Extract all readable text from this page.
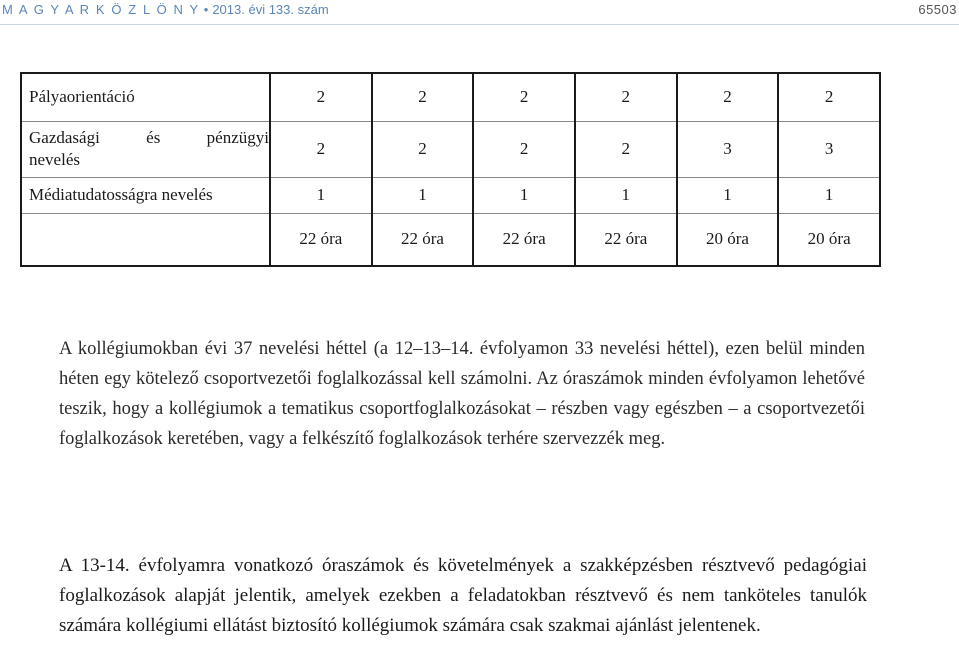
M A G Y A R K Ö Z L Ö N Y • 2013. évi 133. szám	65503
Pályaorientáció	2	2	2	2	2	2
Gazdasági és pénzügyi
nevelés	2	2	2	2	3	3
Médiatudatosságra nevelés	1	1	1	1	1	1
	22 óra	22 óra	22 óra	22 óra	20 óra	20 óra

A kollégiumokban évi 37 nevelési héttel (a 12–13–14. évfolyamon 33 nevelési héttel), ezen belül minden héten egy kötelező csoportvezetői foglalkozással kell számolni. Az óraszámok minden évfolyamon lehetővé teszik, hogy a kollégiumok a tematikus csoportfoglalkozásokat – részben vagy egészben – a csoportvezetői foglalkozások keretében, vagy a felkészítő foglalkozások terhére szervezzék meg.

A 13-14. évfolyamra vonatkozó óraszámok és követelmények a szakképzésben résztvevő pedagógiai foglalkozások alapját jelentik, amelyek ezekben a feladatokban résztvevő és nem tanköteles tanulók számára kollégiumi ellátást biztosító kollégiumok számára csak szakmai ajánlást jelentenek.
